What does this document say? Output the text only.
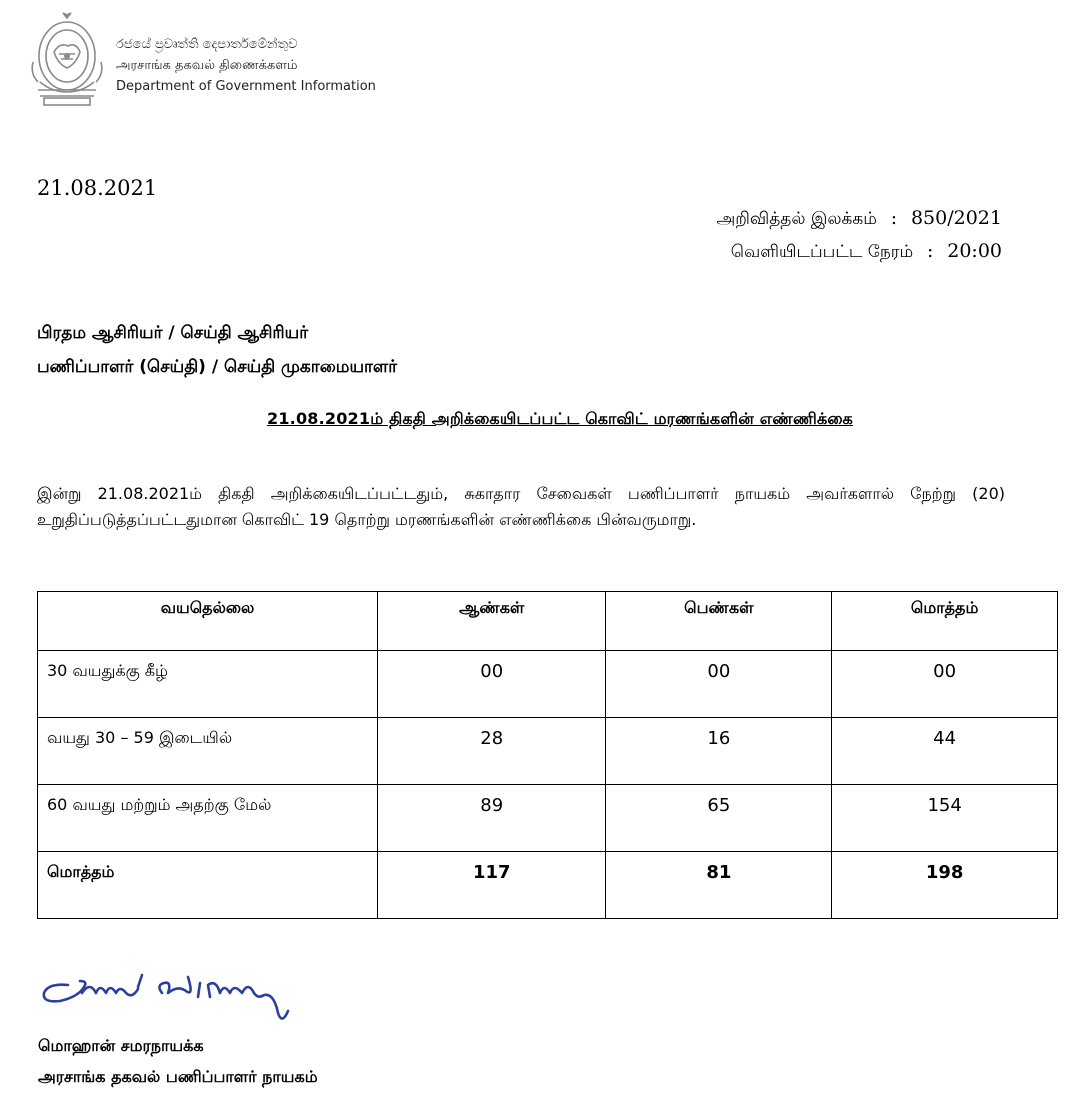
රජයේ ප්‍රවෘත්ති දෙපාර්තමේන්තුව
அரசாங்க தகவல் திணைக்களம்
Department of Government Information
21.08.2021
அறிவித்தல் இலக்கம் : 850/2021
வெளியிடப்பட்ட நேரம் : 20:00
பிரதம ஆசிரியர் / செய்தி ஆசிரியர்
பணிப்பாளர் (செய்தி) / செய்தி முகாமையாளர்
21.08.2021ம் திகதி அறிக்கையிடப்பட்ட கொவிட் மரணங்களின் எண்ணிக்கை
இன்று 21.08.2021ம் திகதி அறிக்கையிடப்பட்டதும், சுகாதார சேவைகள் பணிப்பாளர் நாயகம் அவர்களால் நேற்று (20) உறுதிப்படுத்தப்பட்டதுமான கொவிட் 19 தொற்று மரணங்களின் எண்ணிக்கை பின்வருமாறு.
வயதெல்லை	ஆண்கள்	பெண்கள்	மொத்தம்
30 வயதுக்கு கீழ்	00	00	00
வயது 30 – 59 இடையில்	28	16	44
60 வயது மற்றும் அதற்கு மேல்	89	65	154
மொத்தம்	117	81	198
மொஹான் சமரநாயக்க
அரசாங்க தகவல் பணிப்பாளர் நாயகம்
